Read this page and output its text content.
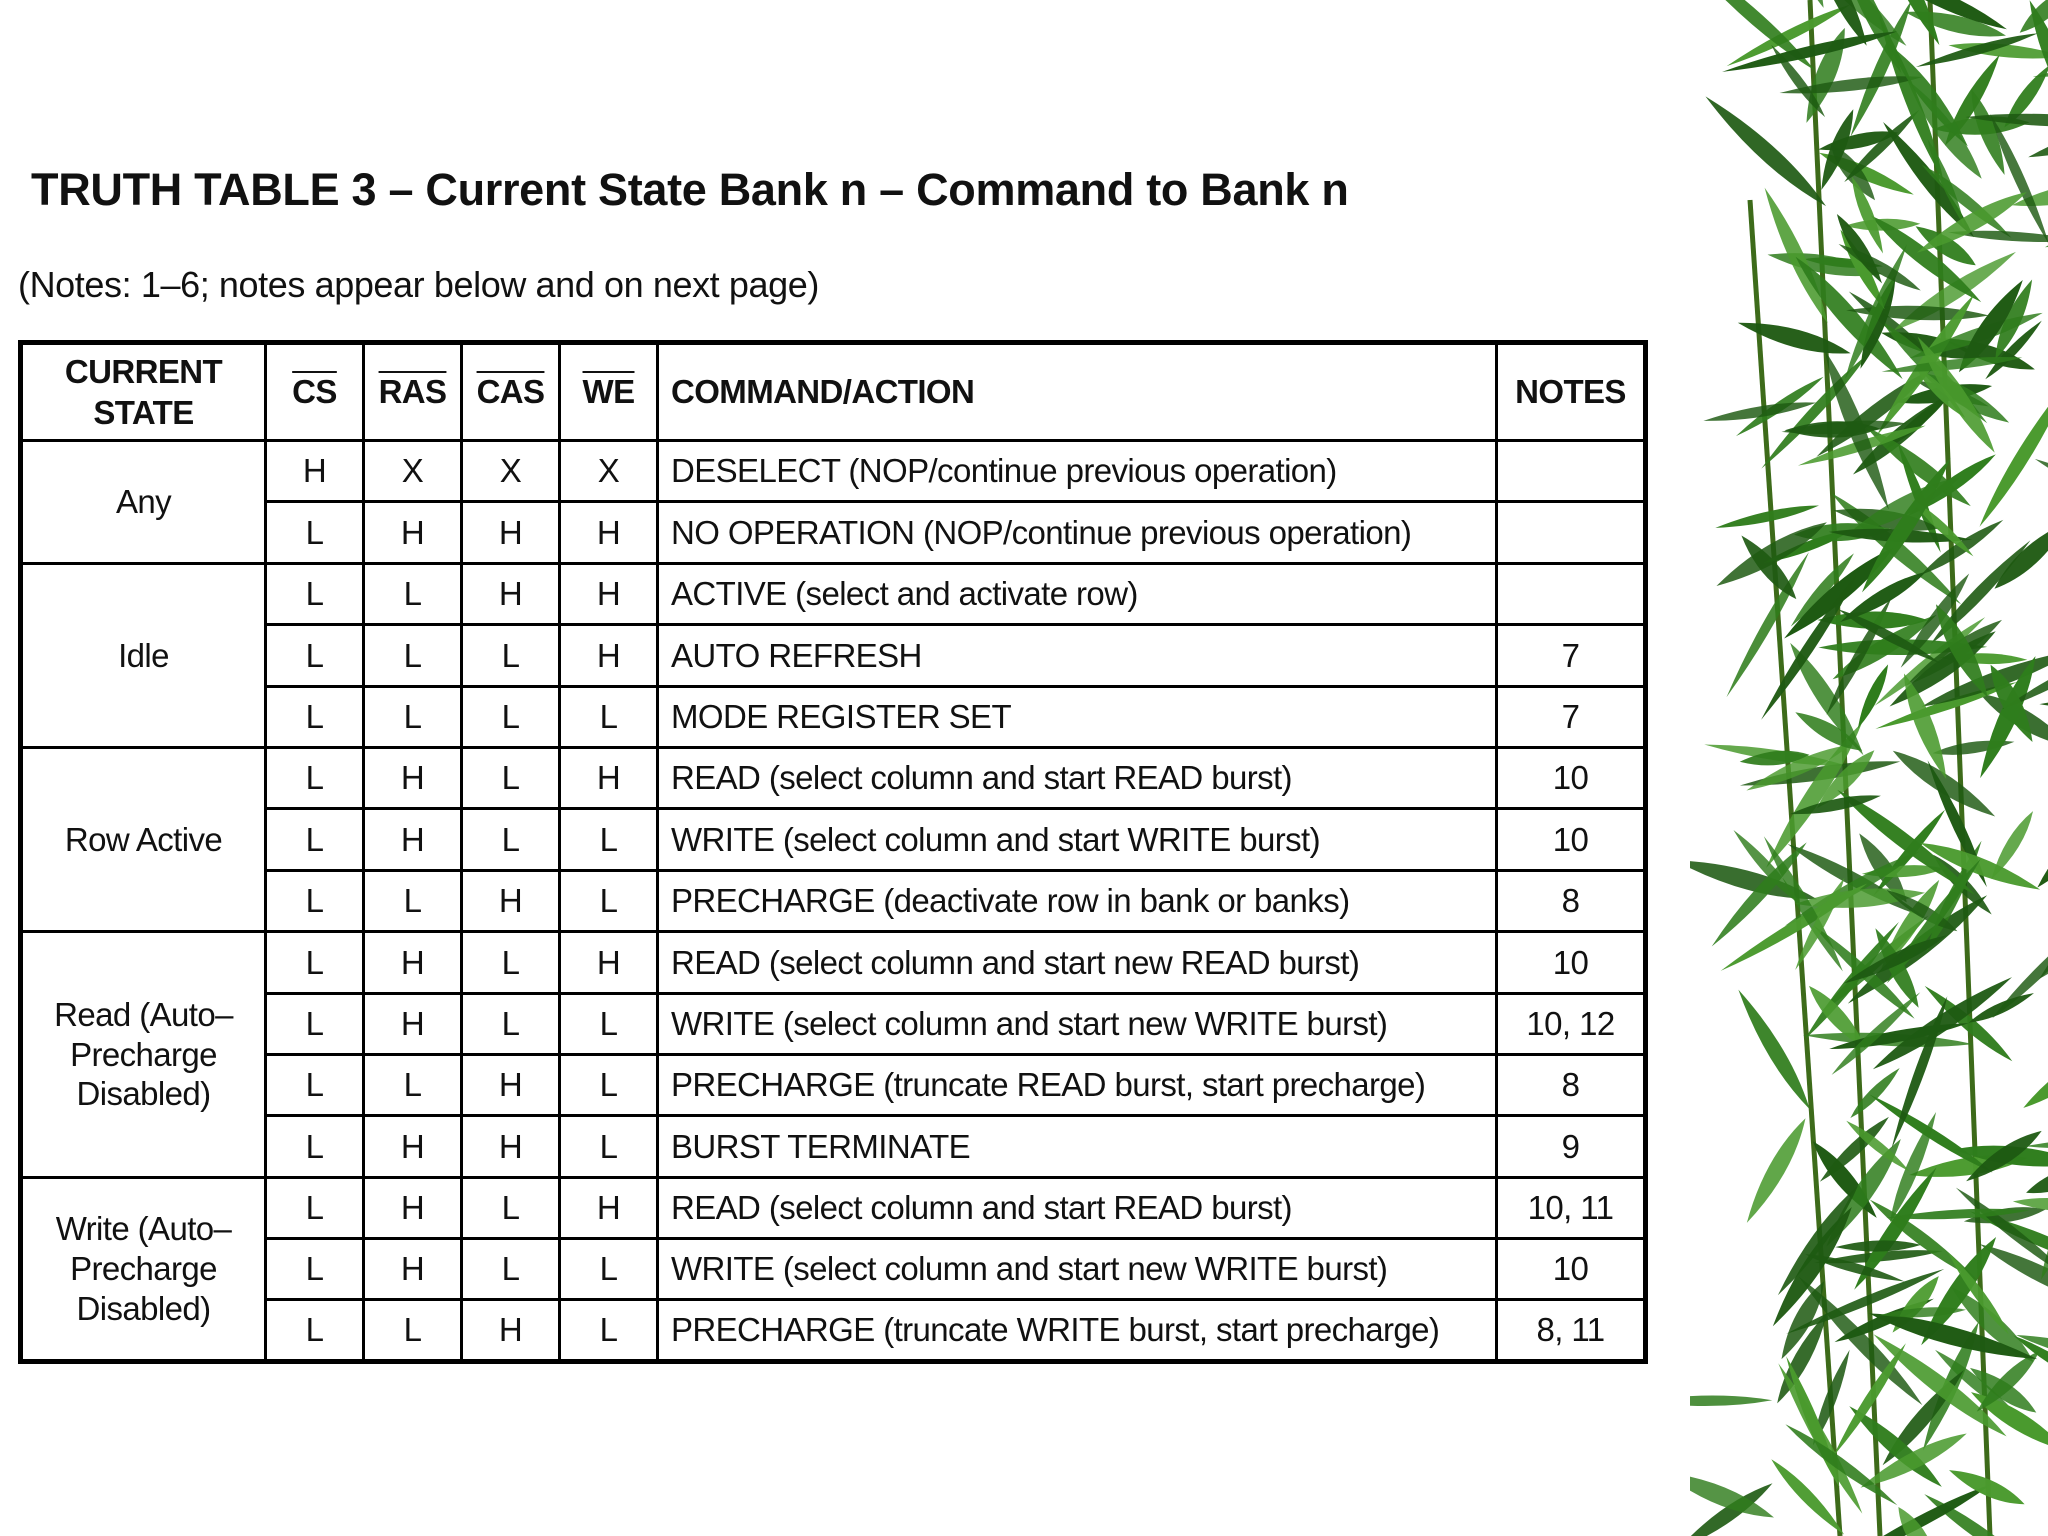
TRUTH TABLE 3 – Current State Bank n – Command to Bank n
(Notes: 1–6; notes appear below and on next page)
CURRENT
STATE	$\overline{CS}$	$\overline{RAS}$	$\overline{CAS}$	$\overline{WE}$	COMMAND/ACTION	NOTES
Any	H	X	X	X	DESELECT (NOP/continue previous operation)	
	L	H	H	H	NO OPERATION (NOP/continue previous operation)	
Idle	L	L	H	H	ACTIVE (select and activate row)	
	L	L	L	H	AUTO REFRESH	7
	L	L	L	L	MODE REGISTER SET	7
Row Active	L	H	L	H	READ (select column and start READ burst)	10
	L	H	L	L	WRITE (select column and start WRITE burst)	10
	L	L	H	L	PRECHARGE (deactivate row in bank or banks)	8
Read (Auto–
Precharge
Disabled)	L	H	L	H	READ (select column and start new READ burst)	10
	L	H	L	L	WRITE (select column and start new WRITE burst)	10, 12
	L	L	H	L	PRECHARGE (truncate READ burst, start precharge)	8
	L	H	H	L	BURST TERMINATE	9
Write (Auto–
Precharge
Disabled)	L	H	L	H	READ (select column and start READ burst)	10, 11
	L	H	L	L	WRITE (select column and start new WRITE burst)	10
	L	L	H	L	PRECHARGE (truncate WRITE burst, start precharge)	8, 11
